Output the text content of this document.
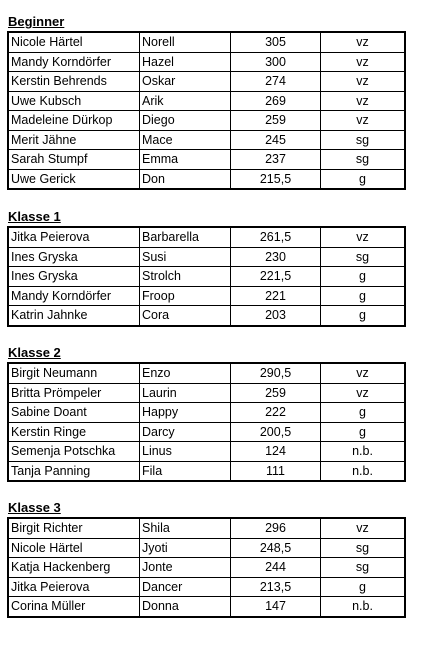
Beginner
Nicole Härtel	Norell	305	vz
Mandy Korndörfer	Hazel	300	vz
Kerstin Behrends	Oskar	274	vz
Uwe Kubsch	Arik	269	vz
Madeleine Dürkop	Diego	259	vz
Merit Jähne	Mace	245	sg
Sarah Stumpf	Emma	237	sg
Uwe Gerick	Don	215,5	g
Klasse 1
Jitka Peierova	Barbarella	261,5	vz
Ines Gryska	Susi	230	sg
Ines Gryska	Strolch	221,5	g
Mandy Korndörfer	Froop	221	g
Katrin Jahnke	Cora	203	g
Klasse 2
Birgit Neumann	Enzo	290,5	vz
Britta Prömpeler	Laurin	259	vz
Sabine Doant	Happy	222	g
Kerstin Ringe	Darcy	200,5	g
Semenja Potschka	Linus	124	n.b.
Tanja Panning	Fila	111	n.b.
Klasse 3
Birgit Richter	Shila	296	vz
Nicole Härtel	Jyoti	248,5	sg
Katja Hackenberg	Jonte	244	sg
Jitka Peierova	Dancer	213,5	g
Corina Müller	Donna	147	n.b.
